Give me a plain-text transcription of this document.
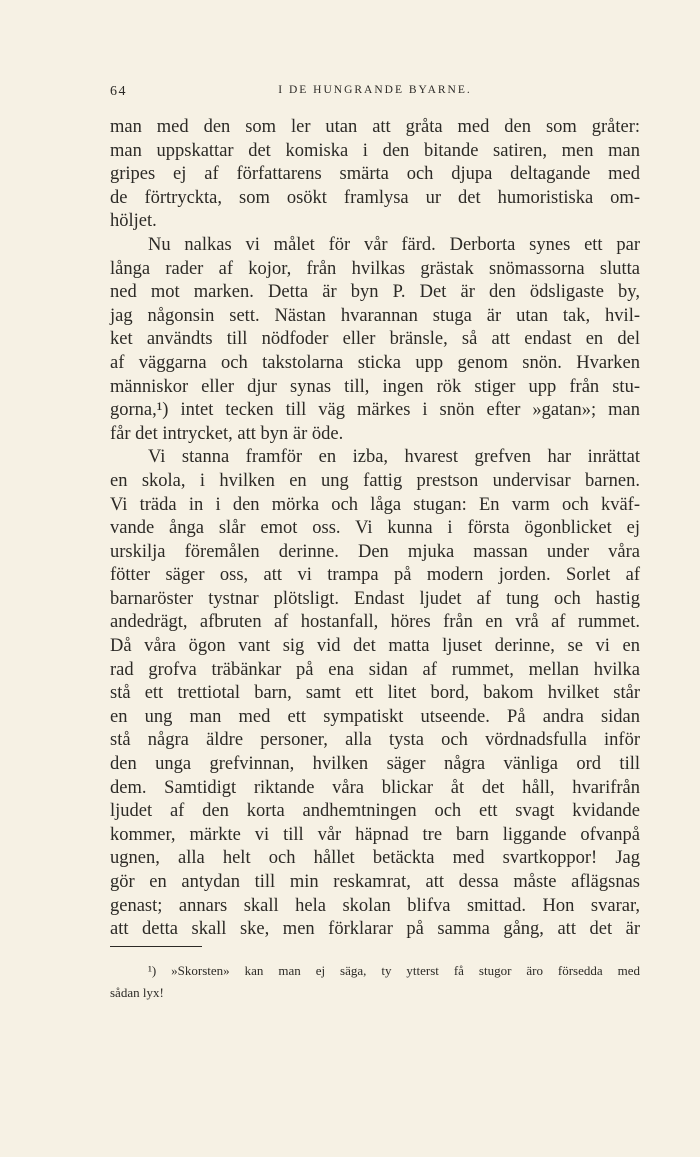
64	I DE HUNGRANDE BYARNE.
man med den som ler utan att gråta med den som gråter:
man uppskattar det komiska i den bitande satiren, men man
gripes ej af författarens smärta och djupa deltagande med
de förtryckta, som osökt framlysa ur det humoristiska om-
höljet.
Nu nalkas vi målet för vår färd. Derborta synes ett par
långa rader af kojor, från hvilkas grästak snömassorna slutta
ned mot marken. Detta är byn P. Det är den ödsligaste by,
jag någonsin sett. Nästan hvarannan stuga är utan tak, hvil-
ket användts till nödfoder eller bränsle, så att endast en del
af väggarna och takstolarna sticka upp genom snön. Hvarken
människor eller djur synas till, ingen rök stiger upp från stu-
gorna,¹) intet tecken till väg märkes i snön efter »gatan»; man
får det intrycket, att byn är öde.
Vi stanna framför en izba, hvarest grefven har inrättat
en skola, i hvilken en ung fattig prestson undervisar barnen.
Vi träda in i den mörka och låga stugan: En varm och kväf-
vande ånga slår emot oss. Vi kunna i första ögonblicket ej
urskilja föremålen derinne. Den mjuka massan under våra
fötter säger oss, att vi trampa på modern jorden. Sorlet af
barnaröster tystnar plötsligt. Endast ljudet af tung och hastig
andedrägt, afbruten af hostanfall, höres från en vrå af rummet.
Då våra ögon vant sig vid det matta ljuset derinne, se vi en
rad grofva träbänkar på ena sidan af rummet, mellan hvilka
stå ett trettiotal barn, samt ett litet bord, bakom hvilket står
en ung man med ett sympatiskt utseende. På andra sidan
stå några äldre personer, alla tysta och vördnadsfulla inför
den unga grefvinnan, hvilken säger några vänliga ord till
dem. Samtidigt riktande våra blickar åt det håll, hvarifrån
ljudet af den korta andhemtningen och ett svagt kvidande
kommer, märkte vi till vår häpnad tre barn liggande ofvanpå
ugnen, alla helt och hållet betäckta med svartkoppor! Jag
gör en antydan till min reskamrat, att dessa måste aflägsnas
genast; annars skall hela skolan blifva smittad. Hon svarar,
att detta skall ske, men förklarar på samma gång, att det är
¹) »Skorsten» kan man ej säga, ty ytterst få stugor äro försedda med
sådan lyx!
